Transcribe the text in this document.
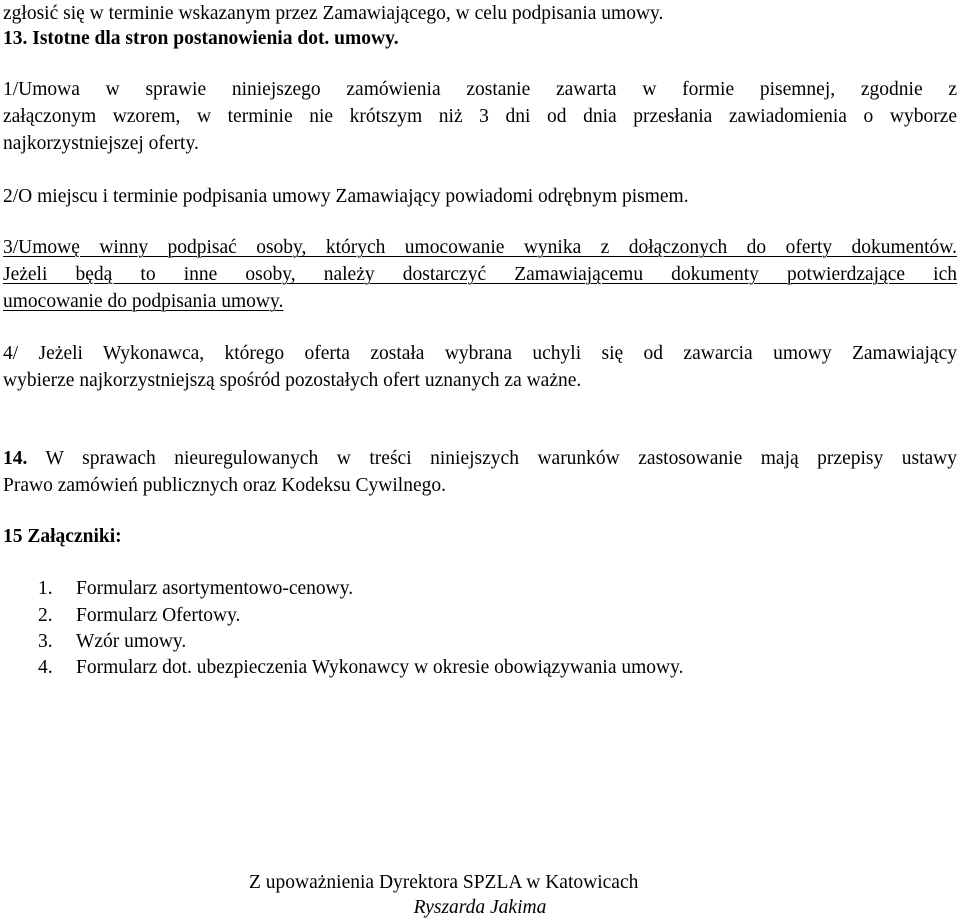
zgłosić się w terminie wskazanym przez Zamawiającego, w celu podpisania umowy.
13. Istotne dla stron postanowienia dot. umowy.
1/Umowa w sprawie niniejszego zamówienia zostanie zawarta w formie pisemnej, zgodnie z
załączonym wzorem, w terminie nie krótszym niż 3 dni od dnia przesłania zawiadomienia o wyborze
najkorzystniejszej oferty.
2/O miejscu i terminie podpisania umowy Zamawiający powiadomi odrębnym pismem.
3/Umowę winny podpisać osoby, których umocowanie wynika z dołączonych do oferty dokumentów.
Jeżeli będą to inne osoby, należy dostarczyć Zamawiającemu dokumenty potwierdzające ich
umocowanie do podpisania umowy.
4/ Jeżeli Wykonawca, którego oferta została wybrana uchyli się od zawarcia umowy Zamawiający
wybierze najkorzystniejszą spośród pozostałych ofert uznanych za ważne.
14. W sprawach nieuregulowanych w treści niniejszych warunków zastosowanie mają przepisy ustawy
Prawo zamówień publicznych oraz Kodeksu Cywilnego.
15 Załączniki:
1. Formularz asortymentowo-cenowy.
2. Formularz Ofertowy.
3. Wzór umowy.
4. Formularz dot. ubezpieczenia Wykonawcy w okresie obowiązywania umowy.
Z upoważnienia Dyrektora SPZLA w Katowicach
Ryszarda Jakima
